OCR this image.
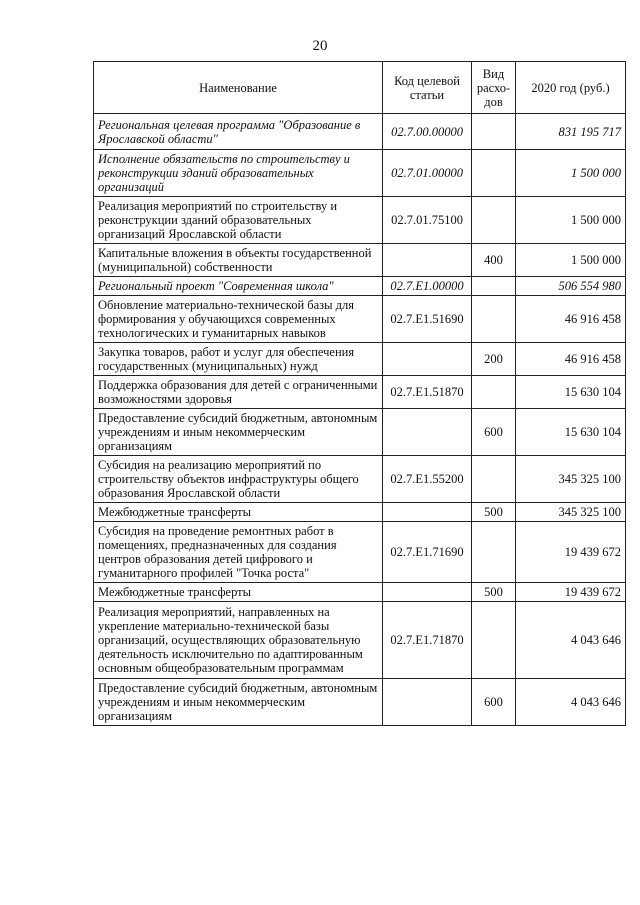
20
Наименование	Код целевой статьи	Вид расхо-дов	2020 год (руб.)
Региональная целевая программа "Образование в Ярославской области"	02.7.00.00000		831 195 717
Исполнение обязательств по строительству и реконструкции зданий образовательных организаций	02.7.01.00000		1 500 000
Реализация мероприятий по строительству и реконструкции зданий образовательных организаций Ярославской области	02.7.01.75100		1 500 000
Капитальные вложения в объекты государственной (муниципальной) собственности		400	1 500 000
Региональный проект "Современная школа"	02.7.E1.00000		506 554 980
Обновление материально-технической базы для формирования у обучающихся современных технологических и гуманитарных навыков	02.7.E1.51690		46 916 458
Закупка товаров, работ и услуг для обеспечения государственных (муниципальных) нужд		200	46 916 458
Поддержка образования для детей с ограниченными возможностями здоровья	02.7.E1.51870		15 630 104
Предоставление субсидий бюджетным, автономным учреждениям и иным некоммерческим организациям		600	15 630 104
Субсидия на реализацию мероприятий по строительству объектов инфраструктуры общего образования Ярославской области	02.7.E1.55200		345 325 100
Межбюджетные трансферты		500	345 325 100
Субсидия на проведение ремонтных работ в помещениях, предназначенных для создания центров образования детей цифрового и гуманитарного профилей "Точка роста"	02.7.E1.71690		19 439 672
Межбюджетные трансферты		500	19 439 672
Реализация мероприятий, направленных на укрепление материально-технической базы организаций, осуществляющих образовательную деятельность исключительно по адаптированным основным общеобразовательным программам	02.7.E1.71870		4 043 646
Предоставление субсидий бюджетным, автономным учреждениям и иным некоммерческим организациям		600	4 043 646
